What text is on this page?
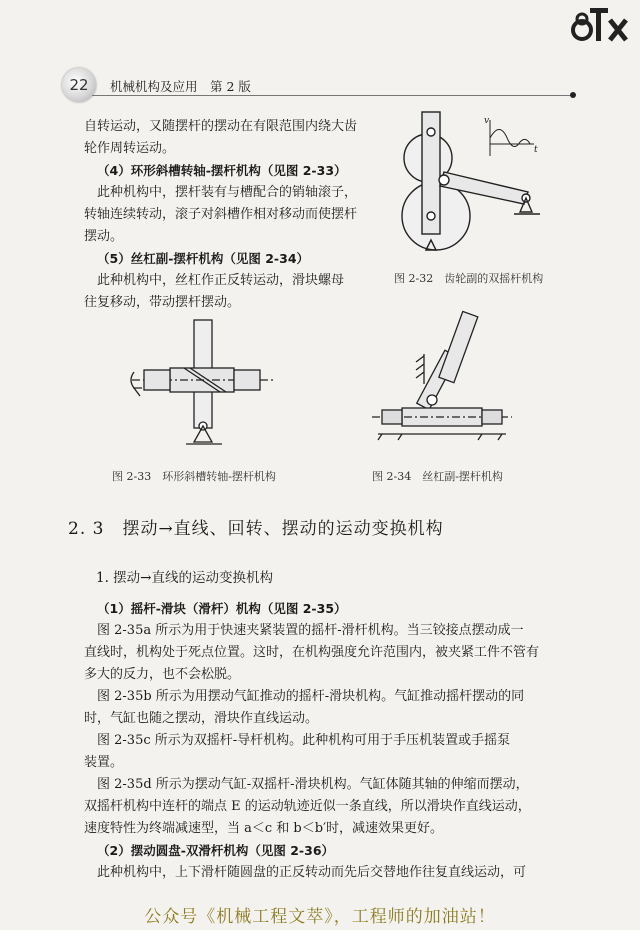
22	机械机构及应用　第 2 版
自转运动，又随摆杆的摆动在有限范围内绕大齿
轮作周转运动。
（4）环形斜槽转轴-摆杆机构（见图 2-33）
此种机构中，摆杆装有与槽配合的销轴滚子，
转轴连续转动，滚子对斜槽作相对移动而使摆杆
摆动。
（5）丝杠副-摆杆机构（见图 2-34）
此种机构中，丝杠作正反转运动，滑块螺母
往复移动，带动摆杆摆动。
v
t
图 2-32　齿轮副的双摇杆机构
图 2-33　环形斜槽转轴-摆杆机构	图 2-34　丝杠副-摆杆机构
2. 3　摆动→直线、回转、摆动的运动变换机构
1. 摆动→直线的运动变换机构
（1）摇杆-滑块（滑杆）机构（见图 2-35）
图 2-35a 所示为用于快速夹紧装置的摇杆-滑杆机构。当三铰接点摆动成一
直线时，机构处于死点位置。这时，在机构强度允许范围内，被夹紧工件不管有
多大的反力，也不会松脱。
图 2-35b 所示为用摆动气缸推动的摇杆-滑块机构。气缸推动摇杆摆动的同
时，气缸也随之摆动，滑块作直线运动。
图 2-35c 所示为双摇杆-导杆机构。此种机构可用于手压机装置或手摇泵
装置。
图 2-35d 所示为摆动气缸-双摇杆-滑块机构。气缸体随其轴的伸缩而摆动，
双摇杆机构中连杆的端点 E 的运动轨迹近似一条直线，所以滑块作直线运动，
速度特性为终端减速型，当 a＜c 和 b＜b′时，减速效果更好。
（2）摆动圆盘-双滑杆机构（见图 2-36）
此种机构中，上下滑杆随圆盘的正反转动而先后交替地作往复直线运动，可
公众号《机械工程文萃》，工程师的加油站！
